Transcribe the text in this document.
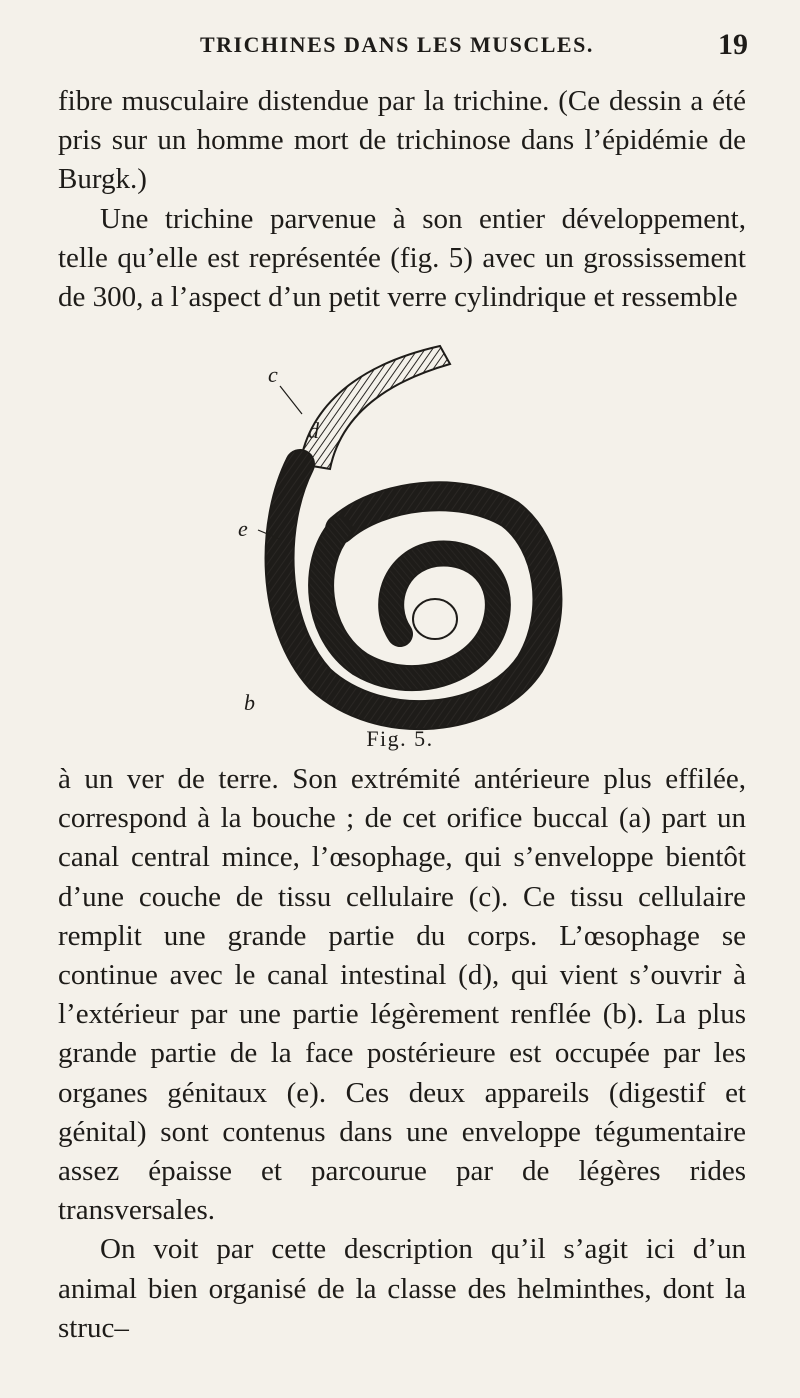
TRICHINES DANS LES MUSCLES.	19

fibre musculaire distendue par la trichine. (Ce dessin a été pris sur un homme mort de trichinose dans l’épidémie de Burgk.)

Une trichine parvenue à son entier développement, telle qu’elle est représentée (fig. 5) avec un grossissement de 300, a l’aspect d’un petit verre cylindrique et ressemble

c
d
e
b
Fig. 5.

à un ver de terre. Son extrémité antérieure plus effilée, correspond à la bouche ; de cet orifice buccal (a) part un canal central mince, l’œsophage, qui s’enveloppe bientôt d’une couche de tissu cellulaire (c). Ce tissu cellulaire remplit une grande partie du corps. L’œsophage se continue avec le canal intestinal (d), qui vient s’ouvrir à l’extérieur par une partie légèrement renflée (b). La plus grande partie de la face postérieure est occupée par les organes génitaux (e). Ces deux appareils (digestif et génital) sont contenus dans une enveloppe tégumentaire assez épaisse et parcourue par de légères rides transversales.

On voit par cette description qu’il s’agit ici d’un animal bien organisé de la classe des helminthes, dont la struc–
